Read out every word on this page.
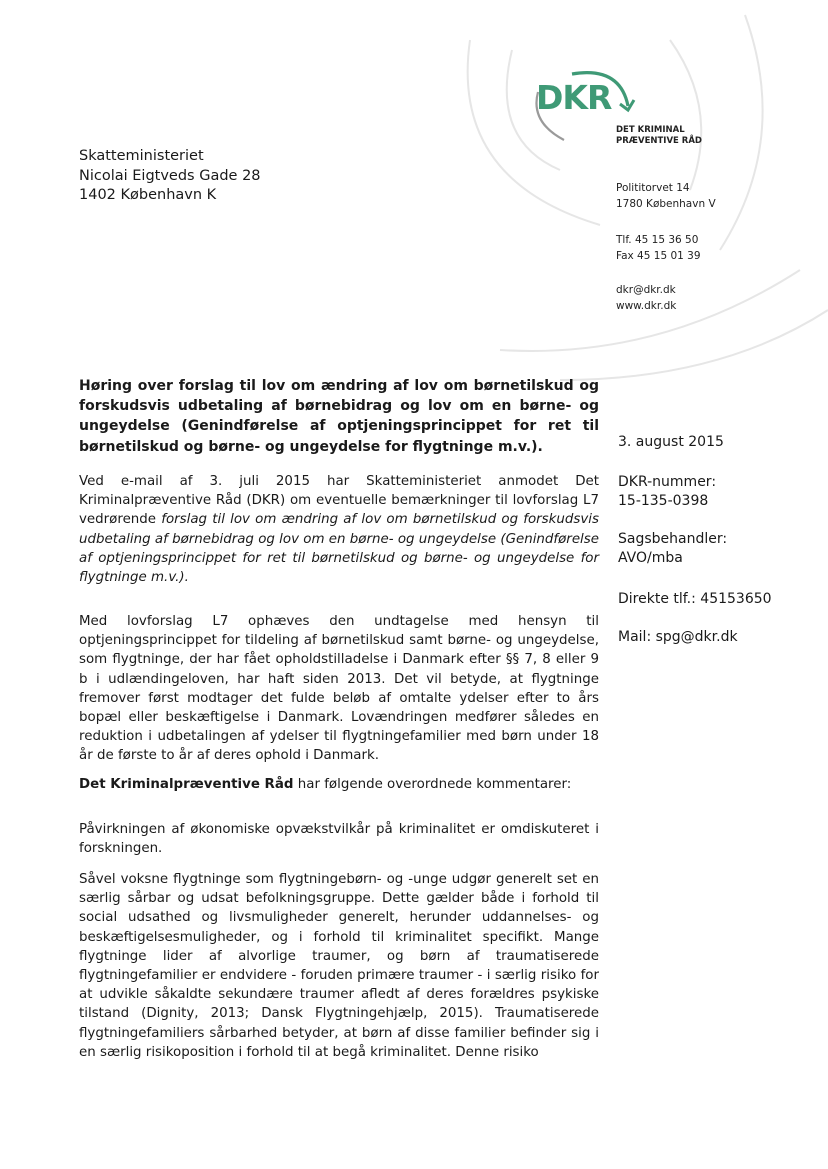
DKR
DET KRIMINAL
PRÆVENTIVE RÅD
Skatteministeriet
Nicolai Eigtveds Gade 28
1402 København K	Polititorvet 14
1780 København V
Tlf. 45 15 36 50
Fax 45 15 01 39
dkr@dkr.dk
www.dkr.dk
Høring over forslag til lov om ændring af lov om børnetilskud og forskudsvis udbetaling af børnebidrag og lov om en børne- og ungeydelse (Genindførelse af optjeningsprincippet for ret til børnetilskud og børne- og ungeydelse for flygtninge m.v.).	3. august 2015
DKR-nummer:
15-135-0398
Sagsbehandler:
AVO/mba
Direkte tlf.: 45153650
Mail: spg@dkr.dk
Ved e-mail af 3. juli 2015 har Skatteministeriet anmodet Det Kriminalpræventive Råd (DKR) om eventuelle bemærkninger til lovforslag L7 vedrørende forslag til lov om ændring af lov om børnetilskud og forskudsvis udbetaling af børnebidrag og lov om en børne- og ungeydelse (Genindførelse af optjeningsprincippet for ret til børnetilskud og børne- og ungeydelse for flygtninge m.v.).
Med lovforslag L7 ophæves den undtagelse med hensyn til optjeningsprincippet for tildeling af børnetilskud samt børne- og ungeydelse, som flygtninge, der har fået opholdstilladelse i Danmark efter §§ 7, 8 eller 9 b i udlændingeloven, har haft siden 2013. Det vil betyde, at flygtninge fremover først modtager det fulde beløb af omtalte ydelser efter to års bopæl eller beskæftigelse i Danmark. Lovændringen medfører således en reduktion i udbetalingen af ydelser til flygtningefamilier med børn under 18 år de første to år af deres ophold i Danmark.
Det Kriminalpræventive Råd har følgende overordnede kommentarer:
Påvirkningen af økonomiske opvækstvilkår på kriminalitet er omdiskuteret i forskningen.
Såvel voksne flygtninge som flygtningebørn- og -unge udgør generelt set en særlig sårbar og udsat befolkningsgruppe. Dette gælder både i forhold til social udsathed og livsmuligheder generelt, herunder uddannelses- og beskæftigelsesmuligheder, og i forhold til kriminalitet specifikt. Mange flygtninge lider af alvorlige traumer, og børn af traumatiserede flygtningefamilier er endvidere - foruden primære traumer - i særlig risiko for at udvikle såkaldte sekundære traumer afledt af deres forældres psykiske tilstand (Dignity, 2013; Dansk Flygtningehjælp, 2015). Traumatiserede flygtningefamiliers sårbarhed betyder, at børn af disse familier befinder sig i en særlig risikoposition i forhold til at begå kriminalitet. Denne risiko
